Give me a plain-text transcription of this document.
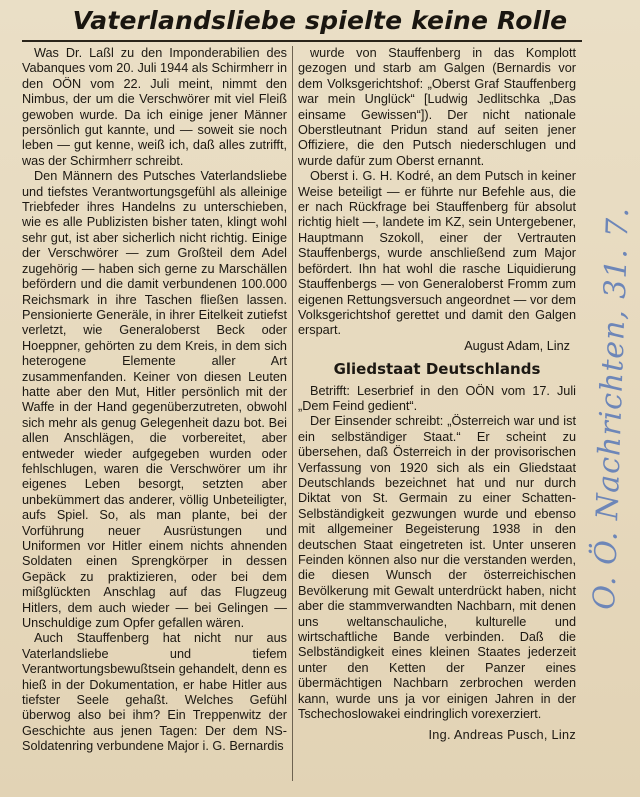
Vaterlandsliebe spielte keine Rolle

Was Dr. Laßl zu den Imponderabilien des Vabanques vom 20. Juli 1944 als Schirmherr in den OÖN vom 22. Juli meint, nimmt den Nimbus, der um die Verschwörer mit viel Fleiß gewoben wurde. Da ich einige jener Männer persönlich gut kannte, und — soweit sie noch leben — gut kenne, weiß ich, daß alles zutrifft, was der Schirmherr schreibt.

Den Männern des Putsches Vaterlandsliebe und tiefstes Verantwortungsgefühl als alleinige Triebfeder ihres Handelns zu unterschieben, wie es alle Publizisten bisher taten, klingt wohl sehr gut, ist aber sicherlich nicht richtig. Einige der Verschwörer — zum Großteil dem Adel zugehörig — haben sich gerne zu Marschällen befördern und die damit verbundenen 100.000 Reichsmark in ihre Taschen fließen lassen. Pensionierte Generäle, in ihrer Eitelkeit zutiefst verletzt, wie Generaloberst Beck oder Hoeppner, gehörten zu dem Kreis, in dem sich heterogene Elemente aller Art zusammenfanden. Keiner von diesen Leuten hatte aber den Mut, Hitler persönlich mit der Waffe in der Hand gegenüberzutreten, obwohl sich mehr als genug Gelegenheit dazu bot. Bei allen Anschlägen, die vorbereitet, aber entweder wieder aufgegeben wurden oder fehlschlugen, waren die Verschwörer um ihr eigenes Leben besorgt, setzten aber unbekümmert das anderer, völlig Unbeteiligter, aufs Spiel. So, als man plante, bei der Vorführung neuer Ausrüstungen und Uniformen vor Hitler einem nichts ahnenden Soldaten einen Sprengkörper in dessen Gepäck zu praktizieren, oder bei dem mißglückten Anschlag auf das Flugzeug Hitlers, dem auch wieder — bei Gelingen — Unschuldige zum Opfer gefallen wären.

Auch Stauffenberg hat nicht nur aus Vaterlandsliebe und tiefem Verantwortungsbewußtsein gehandelt, denn es hieß in der Dokumentation, er habe Hitler aus tiefster Seele gehaßt. Welches Gefühl überwog also bei ihm? Ein Treppenwitz der Geschichte aus jenen Tagen: Der dem NS-Soldatenring verbundene Major i. G. Bernardis

wurde von Stauffenberg in das Komplott gezogen und starb am Galgen (Bernardis vor dem Volksgerichtshof: „Oberst Graf Stauffenberg war mein Unglück“ [Ludwig Jedlitschka „Das einsame Gewissen“]). Der nicht nationale Oberstleutnant Pridun stand auf seiten jener Offiziere, die den Putsch niederschlugen und wurde dafür zum Oberst ernannt.

Oberst i. G. H. Kodré, an dem Putsch in keiner Weise beteiligt — er führte nur Befehle aus, die er nach Rückfrage bei Stauffenberg für absolut richtig hielt —, landete im KZ, sein Untergebener, Hauptmann Szokoll, einer der Vertrauten Stauffenbergs, wurde anschließend zum Major befördert. Ihn hat wohl die rasche Liquidierung Stauffenbergs — von Generaloberst Fromm zum eigenen Rettungsversuch angeordnet — vor dem Volksgerichtshof gerettet und damit den Galgen erspart.

August Adam, Linz

Gliedstaat Deutschlands

Betrifft: Leserbrief in den OÖN vom 17. Juli „Dem Feind gedient“.

Der Einsender schreibt: „Österreich war und ist ein selbständiger Staat.“ Er scheint zu übersehen, daß Österreich in der provisorischen Verfassung von 1920 sich als ein Gliedstaat Deutschlands bezeichnet hat und nur durch Diktat von St. Germain zu einer Schatten-Selbständigkeit gezwungen wurde und ebenso mit allgemeiner Begeisterung 1938 in den deutschen Staat eingetreten ist. Unter unseren Feinden können also nur die verstanden werden, die diesen Wunsch der österreichischen Bevölkerung mit Gewalt unterdrückt haben, nicht aber die stammverwandten Nachbarn, mit denen uns weltanschauliche, kulturelle und wirtschaftliche Bande verbinden. Daß die Selbständigkeit eines kleinen Staates jederzeit unter den Ketten der Panzer eines übermächtigen Nachbarn zerbrochen werden kann, wurde uns ja vor einigen Jahren in der Tschechoslowakei eindringlich vorexerziert.

Ing. Andreas Pusch, Linz

O. Ö. Nachrichten, 31. 7. 1971
